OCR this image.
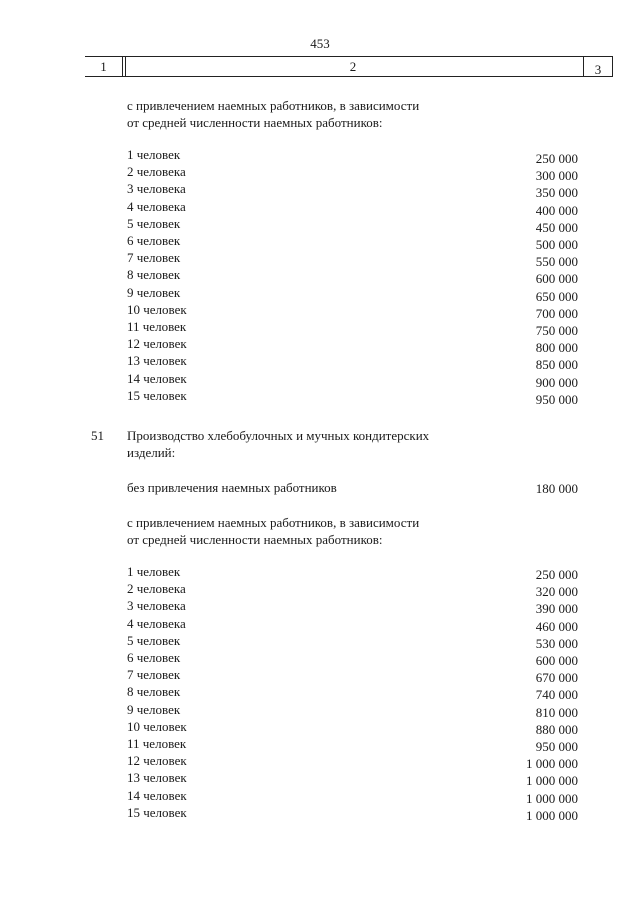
453
1	2	3
с привлечением наемных работников, в зависимости
от средней численности наемных работников:
1 человек	250 000
2 человека	300 000
3 человека	350 000
4 человека	400 000
5 человек	450 000
6 человек	500 000
7 человек	550 000
8 человек	600 000
9 человек	650 000
10 человек	700 000
11 человек	750 000
12 человек	800 000
13 человек	850 000
14 человек	900 000
15 человек	950 000
51 Производство хлебобулочных и мучных кондитерских
изделий:
без привлечения наемных работников	180 000
с привлечением наемных работников, в зависимости
от средней численности наемных работников:
1 человек	250 000
2 человека	320 000
3 человека	390 000
4 человека	460 000
5 человек	530 000
6 человек	600 000
7 человек	670 000
8 человек	740 000
9 человек	810 000
10 человек	880 000
11 человек	950 000
12 человек	1 000 000
13 человек	1 000 000
14 человек	1 000 000
15 человек	1 000 000
